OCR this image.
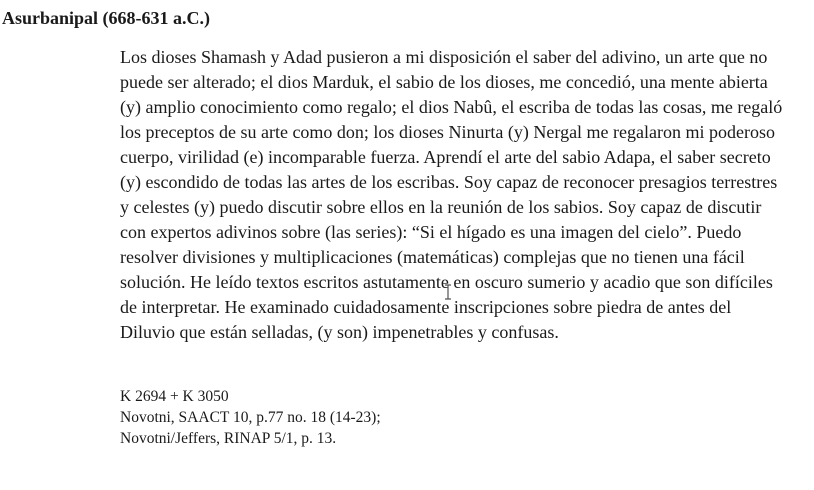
Asurbanipal (668-631 a.C.)

Los dioses Shamash y Adad pusieron a mi disposición el saber del adivino, un arte que no puede ser alterado; el dios Marduk, el sabio de los dioses, me concedió, una mente abierta (y) amplio conocimiento como regalo; el dios Nabû, el escriba de todas las cosas, me regaló los preceptos de su arte como don; los dioses Ninurta (y) Nergal me regalaron mi poderoso cuerpo, virilidad (e) incomparable fuerza. Aprendí el arte del sabio Adapa, el saber secreto (y) escondido de todas las artes de los escribas. Soy capaz de reconocer presagios terrestres y celestes (y) puedo discutir sobre ellos en la reunión de los sabios. Soy capaz de discutir con expertos adivinos sobre (las series): “Si el hígado es una imagen del cielo”. Puedo resolver divisiones y multiplicaciones (matemáticas) complejas que no tienen una fácil solución. He leído textos escritos astutamente en oscuro sumerio y acadio que son difíciles de interpretar. He examinado cuidadosamente inscripciones sobre piedra de antes del Diluvio que están selladas, (y son) impenetrables y confusas.

K 2694 + K 3050
Novotni, SAACT 10, p.77 no. 18 (14-23);
Novotni/Jeffers, RINAP 5/1, p. 13.
